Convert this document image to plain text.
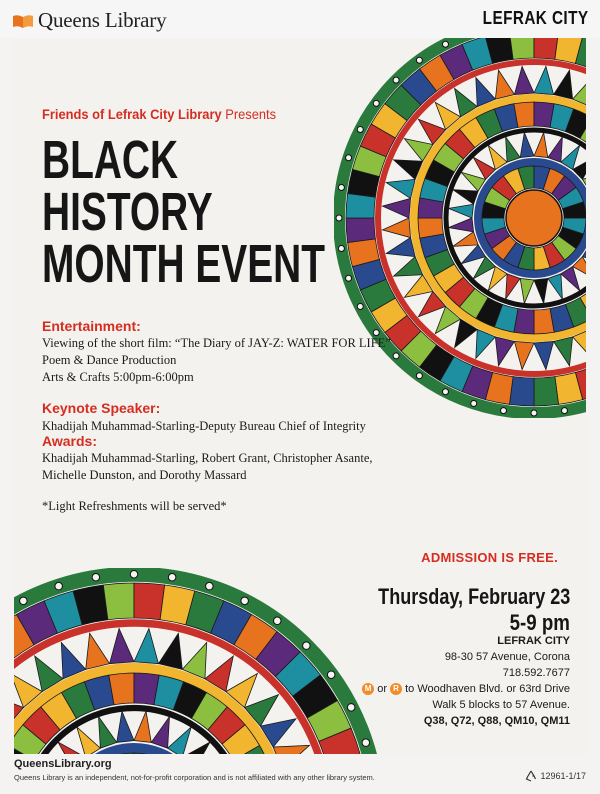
Queens Library	LEFRAK CITY
Friends of Lefrak City Library Presents
BLACK
HISTORY
MONTH EVENT
Entertainment:
Viewing of the short film: “The Diary of JAY-Z: WATER FOR LIFE”
Poem & Dance Production
Arts & Crafts 5:00pm-6:00pm
Keynote Speaker:
Khadijah Muhammad-Starling-Deputy Bureau Chief of Integrity
Awards:
Khadijah Muhammad-Starling, Robert Grant, Christopher Asante,
Michelle Dunston, and Dorothy Massard
*Light Refreshments will be served*
ADMISSION IS FREE.
Thursday, February 23
5-9 pm
LEFRAK CITY
98-30 57 Avenue, Corona
718.592.7677
M or R to Woodhaven Blvd. or 63rd Drive
Walk 5 blocks to 57 Avenue.
Q38, Q72, Q88, QM10, QM11
QueensLibrary.org
Queens Library is an independent, not-for-profit corporation and is not affiliated with any other library system.	12961-1/17
